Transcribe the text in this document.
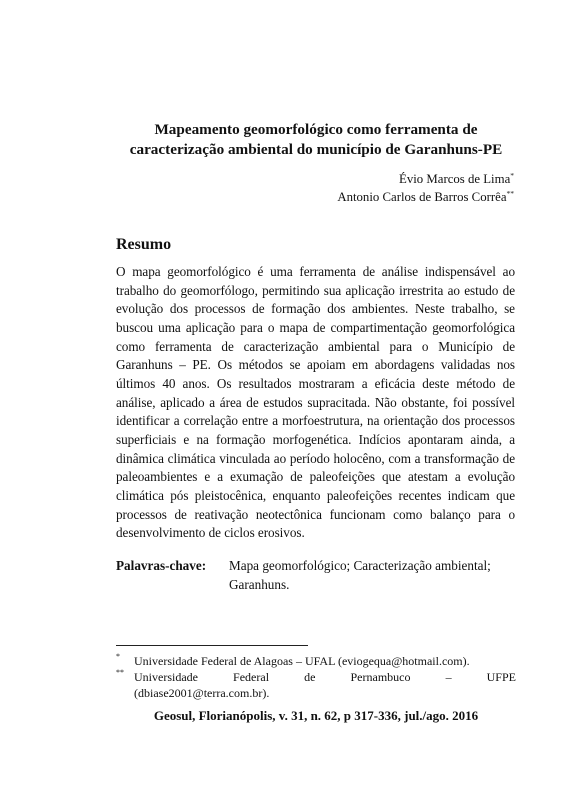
Mapeamento geomorfológico como ferramenta de
caracterização ambiental do município de Garanhuns-PE
Évio Marcos de Lima*
Antonio Carlos de Barros Corrêa**
Resumo

O mapa geomorfológico é uma ferramenta de análise indispensável ao trabalho do geomorfólogo, permitindo sua aplicação irrestrita ao estudo de evolução dos processos de formação dos ambientes. Neste trabalho, se buscou uma aplicação para o mapa de compartimentação geomorfológica como ferramenta de caracterização ambiental para o Município de Garanhuns – PE. Os métodos se apoiam em abordagens validadas nos últimos 40 anos. Os resultados mostraram a eficácia deste método de análise, aplicado a área de estudos supracitada. Não obstante, foi possível identificar a correlação entre a morfoestrutura, na orientação dos processos superficiais e na formação morfogenética. Indícios apontaram ainda, a dinâmica climática vinculada ao período holocêno, com a transformação de paleoambientes e a exumação de paleofeições que atestam a evolução climática pós pleistocênica, enquanto paleofeições recentes indicam que processos de reativação neotectônica funcionam como balanço para o desenvolvimento de ciclos erosivos.

Palavras-chave: Mapa geomorfológico; Caracterização ambiental; Garanhuns.
* Universidade Federal de Alagoas – UFAL (eviogequa@hotmail.com).
** Universidade Federal de Pernambuco – UFPE
(dbiase2001@terra.com.br).
Geosul, Florianópolis, v. 31, n. 62, p 317-336, jul./ago. 2016
